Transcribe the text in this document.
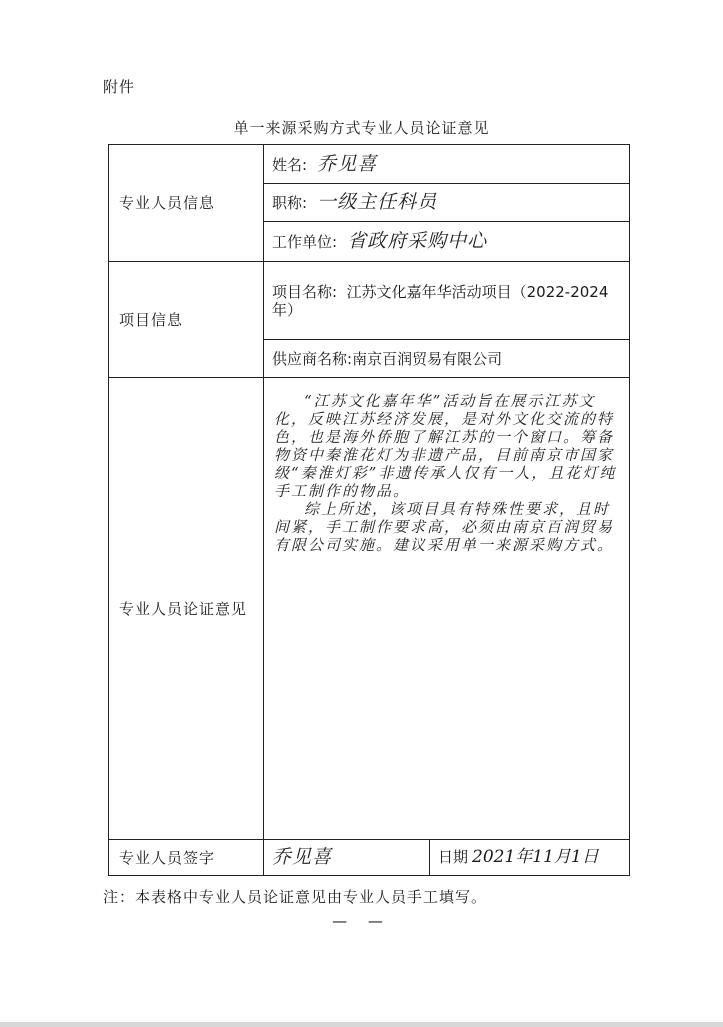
附件
单一来源采购方式专业人员论证意见
专业人员信息	姓名: 乔见喜	
	职称: 一级主任科员	
	工作单位: 省政府采购中心	
项目信息	项目名称: 江苏文化嘉年华活动项目（2022-2024 年）	
	供应商名称:南京百润贸易有限公司	
专业人员论证意见	“江苏文化嘉年华”活动旨在展示江苏文化，反映江苏经济发展，是对外文化交流的特色，也是海外侨胞了解江苏的一个窗口。筹备物资中秦淮花灯为非遗产品，目前南京市国家级“秦淮灯彩”非遗传承人仅有一人，且花灯纯手工制作的物品。

综上所述，该项目具有特殊性要求，且时间紧，手工制作要求高，必须由南京百润贸易有限公司实施。建议采用单一来源采购方式。	

专业人员签字	乔见喜	日期 2021年11月1日
注：本表格中专业人员论证意见由专业人员手工填写。
— —
